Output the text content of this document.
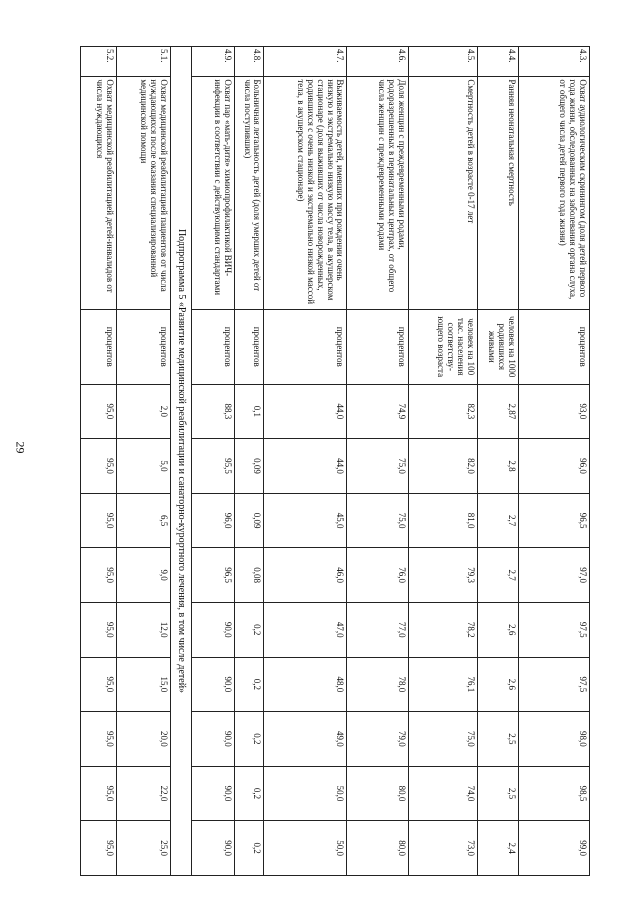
29
4.3.	Охват аудиологическим скринингом (доля детей первого года жизни, обследованных на заболевания органа слуха, от общего числа детей первого года жизни)	процентов	93,0	96,0	96,5	97,0	97,5	97,5	98,0	98,5	99,0
4.4.	Ранняя неонатальная смертность	человек на 1000 родившихся живыми	2,87	2,8	2,7	2,7	2,6	2,6	2,5	2,5	2,4
4.5.	Смертность детей в возрасте 0-17 лет	человек на 100 тыс. населения соответству-ющего возраста	82,3	82,0	81,0	79,3	78,2	76,1	75,0	74,0	73,0
4.6.	Доля женщин с преждевременными родами, родоразрешенных в перинатальных центрах, от общего числа женщин с преждевременными родами	процентов	74,9	75,0	75,0	76,0	77,0	78,0	79,0	80,0	80,0
4.7.	Выживаемость детей, имевших при рождении очень низкую и экстремально низкую массу тела, в акушерском стационаре (доля выживших от числа новорожденных, родившихся с очень низкой и экстремально низкой массой тела, в акушерском стационаре)	процентов	44,0	44,0	45,0	46,0	47,0	48,0	49,0	50,0	50,0
4.8.	Больничная летальность детей (доля умерших детей от числа поступивших)	процентов	0,1	0,09	0,09	0,08	0,2	0,2	0,2	0,2	0,2
4.9.	Охват пар «мать-дитя» химиопрофилактикой ВИЧ-инфекции в соответствии с действующими стандартами	процентов	88,3	95,5	96,0	96,5	90,0	90,0	90,0	90,0	90,0
Подпрограмма 5 «Развитие медицинской реабилитации и санаторно-курортного лечения, в том числе детей»											
5.1.	Охват медицинской реабилитацией пациентов от числа нуждающихся после оказания специализированной медицинской помощи	процентов	2,0	5,0	6,5	9,0	12,0	15,0	20,0	22,0	25,0
5.2.	Охват медицинской реабилитацией детей-инвалидов от числа нуждающихся	процентов	95,0	95,0	95,0	95,0	95,0	95,0	95,0	95,0	95,0
